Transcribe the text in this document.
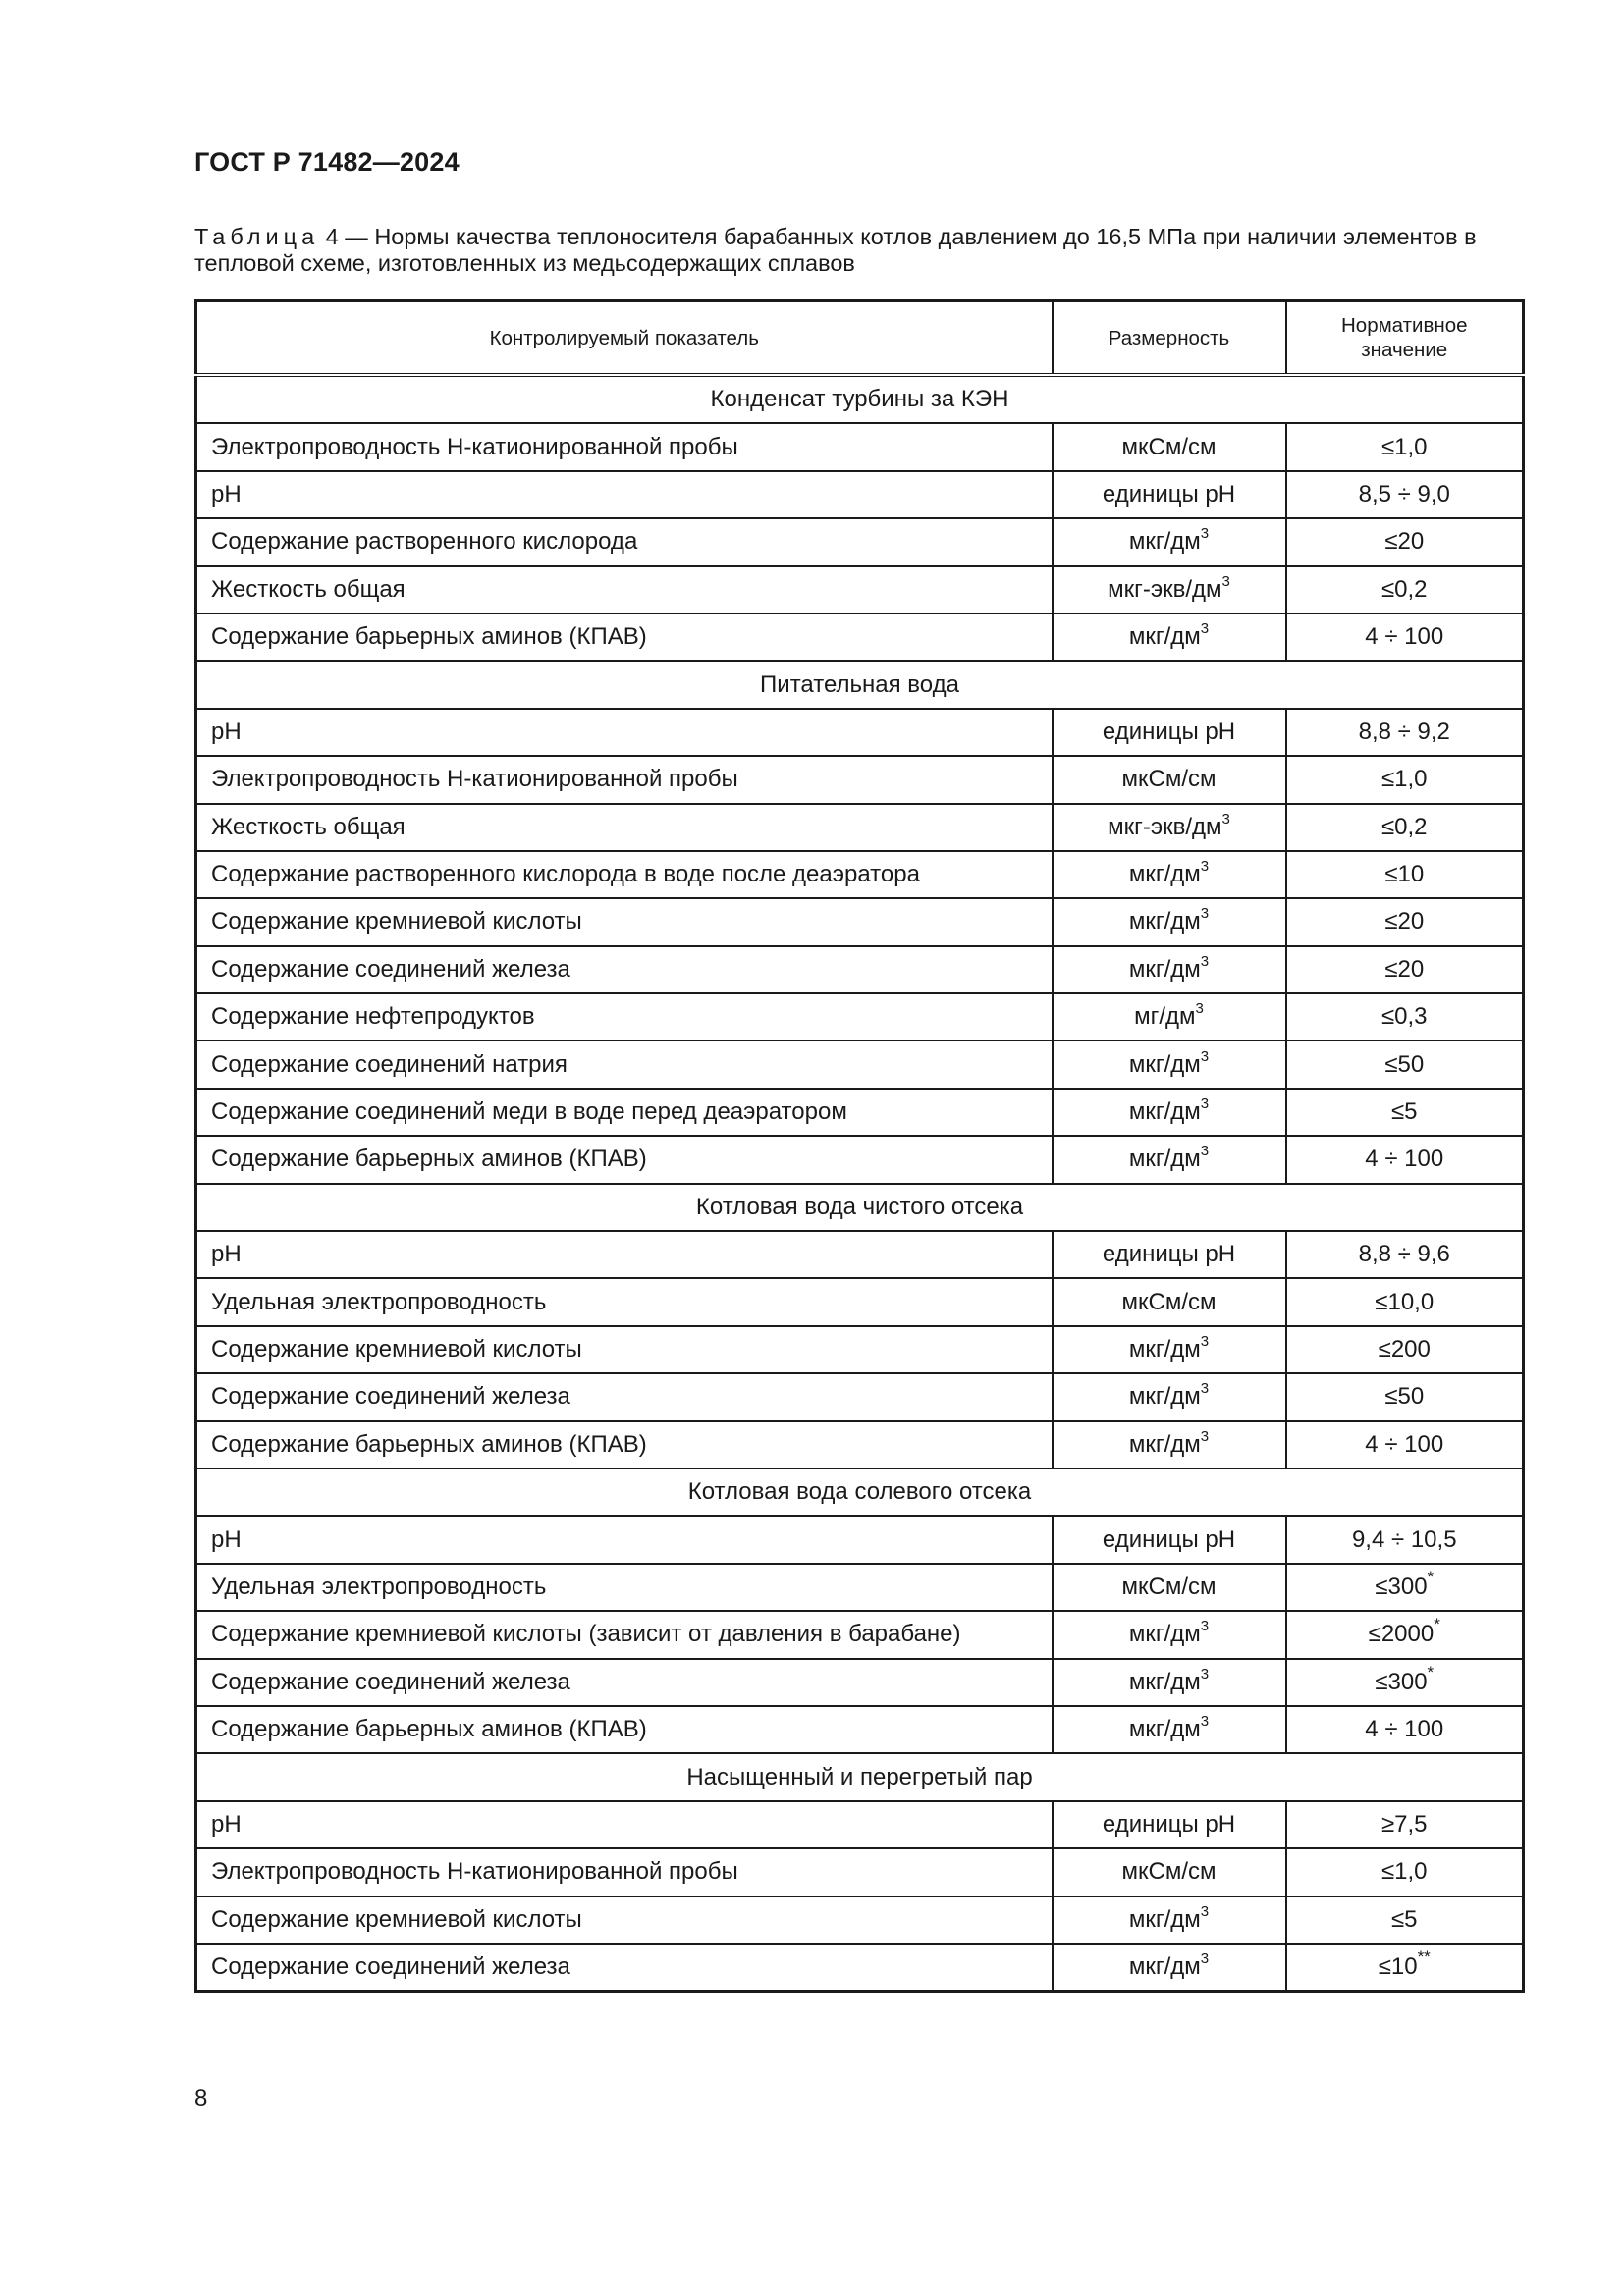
ГОСТ Р 71482—2024
Таблица 4 — Нормы качества теплоносителя барабанных котлов давлением до 16,5 МПа при наличии элементов в тепловой схеме, изготовленных из медьсодержащих сплавов
Контролируемый показатель	Размерность	Нормативное
значение
Конденсат турбины за КЭН		
Электропроводность Н-катионированной пробы	мкСм/см	≤1,0
pH	единицы pH	8,5 ÷ 9,0
Содержание растворенного кислорода	мкг/$дм^3$	≤20
Жесткость общая	мкг-$экв/дм^3$	≤0,2
Содержание барьерных аминов (КПАВ)	мкг/$дм^3$	4 ÷ 100
Питательная вода		
pH	единицы pH	8,8 ÷ 9,2
Электропроводность Н-катионированной пробы	мкСм/см	≤1,0
Жесткость общая	мкг-$экв/дм^3$	≤0,2
Содержание растворенного кислорода в воде после деаэратора	мкг/$дм^3$	≤10
Содержание кремниевой кислоты	мкг/$дм^3$	≤20
Содержание соединений железа	мкг/$дм^3$	≤20
Содержание нефтепродуктов	$мг/дм^3$	≤0,3
Содержание соединений натрия	мкг/$дм^3$	≤50
Содержание соединений меди в воде перед деаэратором	мкг/$дм^3$	≤5
Содержание барьерных аминов (КПАВ)	мкг/$дм^3$	4 ÷ 100
Котловая вода чистого отсека		
pH	единицы pH	8,8 ÷ 9,6
Удельная электропроводность	мкСм/см	≤10,0
Содержание кремниевой кислоты	мкг/$дм^3$	≤200
Содержание соединений железа	мкг/$дм^3$	≤50
Содержание барьерных аминов (КПАВ)	мкг/$дм^3$	4 ÷ 100
Котловая вода солевого отсека		
pH	единицы pH	9,4 ÷ 10,5
Удельная электропроводность	мкСм/см	≤300*
Содержание кремниевой кислоты (зависит от давления в барабане)	мкг/$дм^3$	≤2000*
Содержание соединений железа	мкг/$дм^3$	≤300*
Содержание барьерных аминов (КПАВ)	мкг/$дм^3$	4 ÷ 100
Насыщенный и перегретый пар		
pH	единицы pH	≥7,5
Электропроводность Н-катионированной пробы	мкСм/см	≤1,0
Содержание кремниевой кислоты	мкг/$дм^3$	≤5
Содержание соединений железа	мкг/$дм^3$	≤10**
8
